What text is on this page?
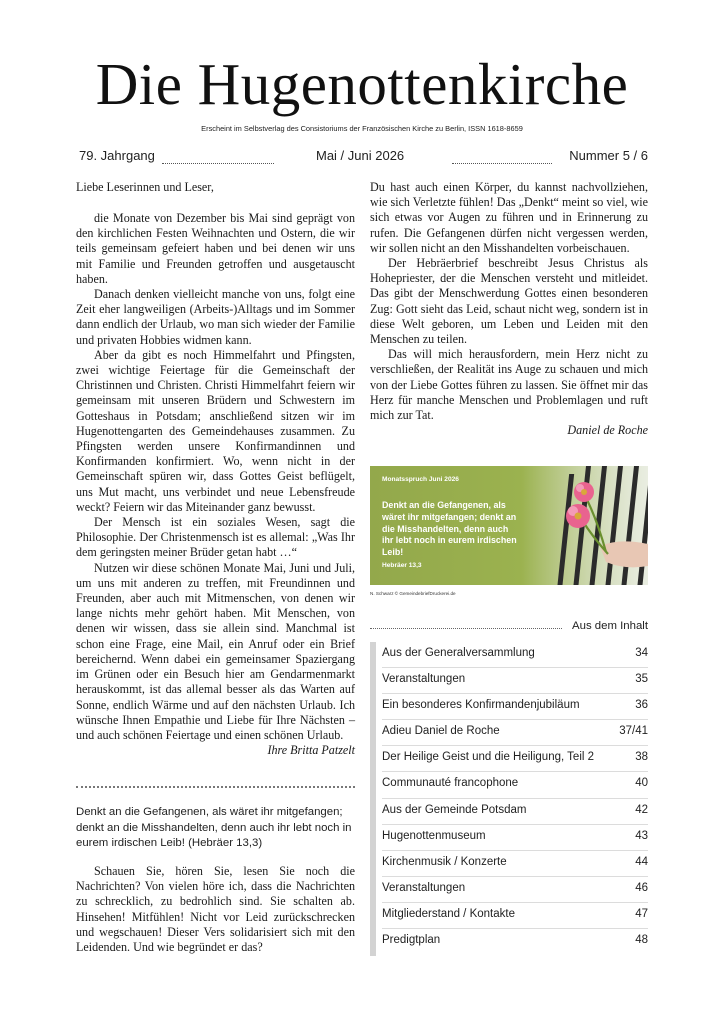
Die Hugenottenkirche
Erscheint im Selbstverlag des Consistoriums der Französischen Kirche zu Berlin, ISSN 1618-8659
79. Jahrgang	Mai / Juni 2026	Nummer 5 / 6
Liebe Leserinnen und Leser,

die Monate von Dezember bis Mai sind geprägt von den kirchlichen Festen Weihnachten und Ostern, die wir teils gemeinsam gefeiert haben und bei denen wir uns mit Familie und Freunden getroffen und ausgetauscht haben.

Danach denken vielleicht manche von uns, folgt eine Zeit eher langweiligen (Arbeits-)Alltags und im Sommer dann endlich der Urlaub, wo man sich wieder der Familie und privaten Hobbies widmen kann.

Aber da gibt es noch Himmelfahrt und Pfingsten, zwei wichtige Feiertage für die Gemeinschaft der Christinnen und Christen. Christi Himmelfahrt feiern wir gemeinsam mit unseren Brüdern und Schwestern im Gotteshaus in Potsdam; anschließend sitzen wir im Hugenottengarten des Gemeindehauses zusammen. Zu Pfingsten werden unsere Konfirmandinnen und Konfirmanden konfirmiert. Wo, wenn nicht in der Gemeinschaft spüren wir, dass Gottes Geist beflügelt, uns Mut macht, uns verbindet und neue Lebensfreude weckt? Feiern wir das Miteinander ganz bewusst.

Der Mensch ist ein soziales Wesen, sagt die Philosophie. Der Christenmensch ist es allemal: „Was Ihr dem geringsten meiner Brüder getan habt …“

Nutzen wir diese schönen Monate Mai, Juni und Juli, um uns mit anderen zu treffen, mit Freundinnen und Freunden, aber auch mit Mitmenschen, von denen wir lange nichts mehr gehört haben. Mit Menschen, von denen wir wissen, dass sie allein sind. Manchmal ist schon eine Frage, eine Mail, ein Anruf oder ein Brief bereichernd. Wenn dabei ein gemeinsamer Spaziergang im Grünen oder ein Besuch hier am Gendarmenmarkt herauskommt, ist das allemal besser als das Warten auf Sonne, endlich Wärme und auf den nächsten Urlaub. Ich wünsche Ihnen Empathie und Liebe für Ihre Nächsten – und auch schönen Feiertage und einen schönen Urlaub.

Ihre Britta Patzelt
Denkt an die Gefangenen, als wäret ihr mitgefangen; denkt an die Misshandelten, denn auch ihr lebt noch in eurem irdischen Leib! (Hebräer 13,3)

Schauen Sie, hören Sie, lesen Sie noch die Nachrichten? Von vielen höre ich, dass die Nachrichten zu schrecklich, zu bedrohlich sind. Sie schalten ab. Hinsehen! Mitfühlen! Nicht vor Leid zurückschrecken und wegschauen! Dieser Vers solidarisiert sich mit den Leidenden. Und wie begründet er das?

Du hast auch einen Körper, du kannst nachvollziehen, wie sich Verletzte fühlen! Das „Denkt“ meint so viel, wie sich etwas vor Augen zu führen und in Erinnerung zu rufen. Die Gefangenen dürfen nicht vergessen werden, wir sollen nicht an den Misshandelten vorbeischauen.

Der Hebräerbrief beschreibt Jesus Christus als Hohepriester, der die Menschen versteht und mitleidet. Das gibt der Menschwerdung Gottes einen besonderen Zug: Gott sieht das Leid, schaut nicht weg, sondern ist in diese Welt geboren, um Leben und Leiden mit den Menschen zu teilen.

Das will mich herausfordern, mein Herz nicht zu verschließen, der Realität ins Auge zu schauen und mich von der Liebe Gottes führen zu lassen. Sie öffnet mir das Herz für manche Menschen und Problemlagen und ruft mich zur Tat.

Daniel de Roche
Monatsspruch Juni 2026
Denkt an die Gefangenen, als wäret ihr mitgefangen; denkt an die Misshandelten, denn auch ihr lebt noch in eurem irdischen Leib!
Hebräer 13,3
N. Schwarz © GemeindebriefDruckerei.de
Aus dem Inhalt
Aus der Generalversammlung	34
Veranstaltungen	35
Ein besonderes Konfirmandenjubiläum	36
Adieu Daniel de Roche	37/41
Der Heilige Geist und die Heiligung, Teil 2	38
Communauté francophone	40
Aus der Gemeinde Potsdam	42
Hugenottenmuseum	43
Kirchenmusik / Konzerte	44
Veranstaltungen	46
Mitgliederstand / Kontakte	47
Predigtplan	48
